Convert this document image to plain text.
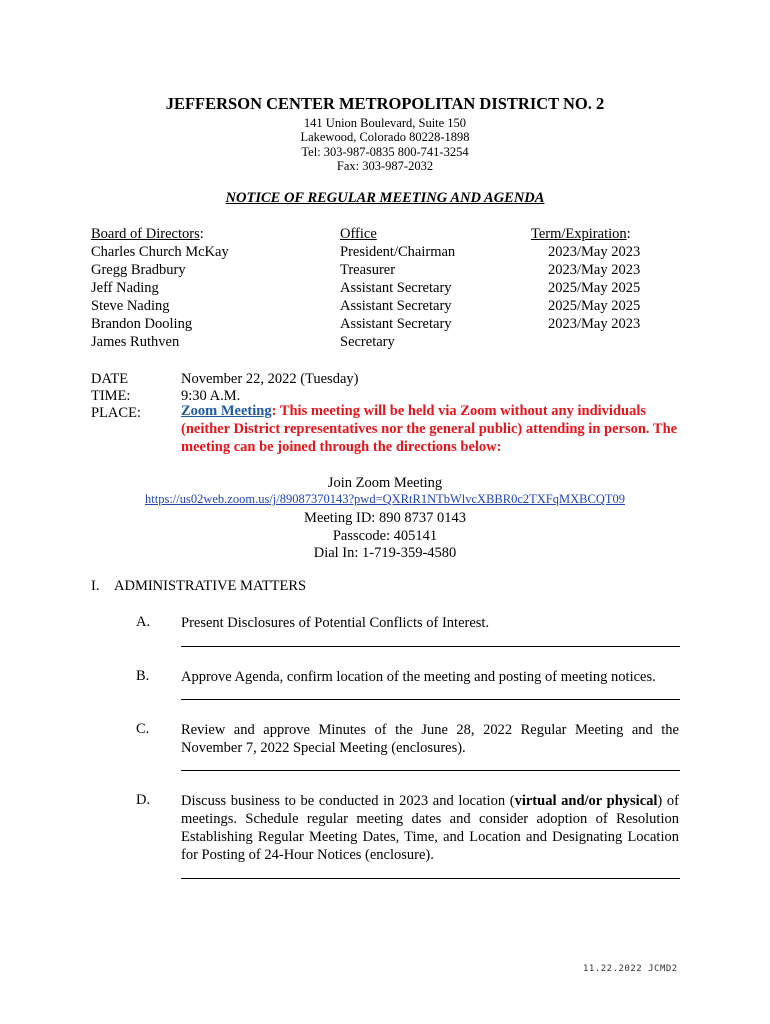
JEFFERSON CENTER METROPOLITAN DISTRICT NO. 2
141 Union Boulevard, Suite 150
Lakewood, Colorado 80228-1898
Tel: 303-987-0835 800-741-3254
Fax: 303-987-2032
NOTICE OF REGULAR MEETING AND AGENDA
Board of Directors:
Charles Church McKay
Gregg Bradbury
Jeff Nading
Steve Nading
Brandon Dooling
James Ruthven
Office
President/Chairman
Treasurer
Assistant Secretary
Assistant Secretary
Assistant Secretary
Secretary
Term/Expiration:
2023/May 2023
2023/May 2023
2025/May 2025
2025/May 2025
2023/May 2023
DATE
TIME:
PLACE:
November 22, 2022 (Tuesday)
9:30 A.M.
Zoom Meeting: This meeting will be held via Zoom without any individuals (neither District representatives nor the general public) attending in person. The meeting can be joined through the directions below:
Join Zoom Meeting
https://us02web.zoom.us/j/89087370143?pwd=QXRtR1NTbWlvcXBBR0c2TXFqMXBCQT09
Meeting ID: 890 8737 0143
Passcode: 405141
Dial In: 1-719-359-4580
I. ADMINISTRATIVE MATTERS
A. Present Disclosures of Potential Conflicts of Interest.
B. Approve Agenda, confirm location of the meeting and posting of meeting notices.
C. Review and approve Minutes of the June 28, 2022 Regular Meeting and the November 7, 2022 Special Meeting (enclosures).
D. Discuss business to be conducted in 2023 and location (virtual and/or physical) of meetings. Schedule regular meeting dates and consider adoption of Resolution Establishing Regular Meeting Dates, Time, and Location and Designating Location for Posting of 24-Hour Notices (enclosure).
11.22.2022 JCMD2
